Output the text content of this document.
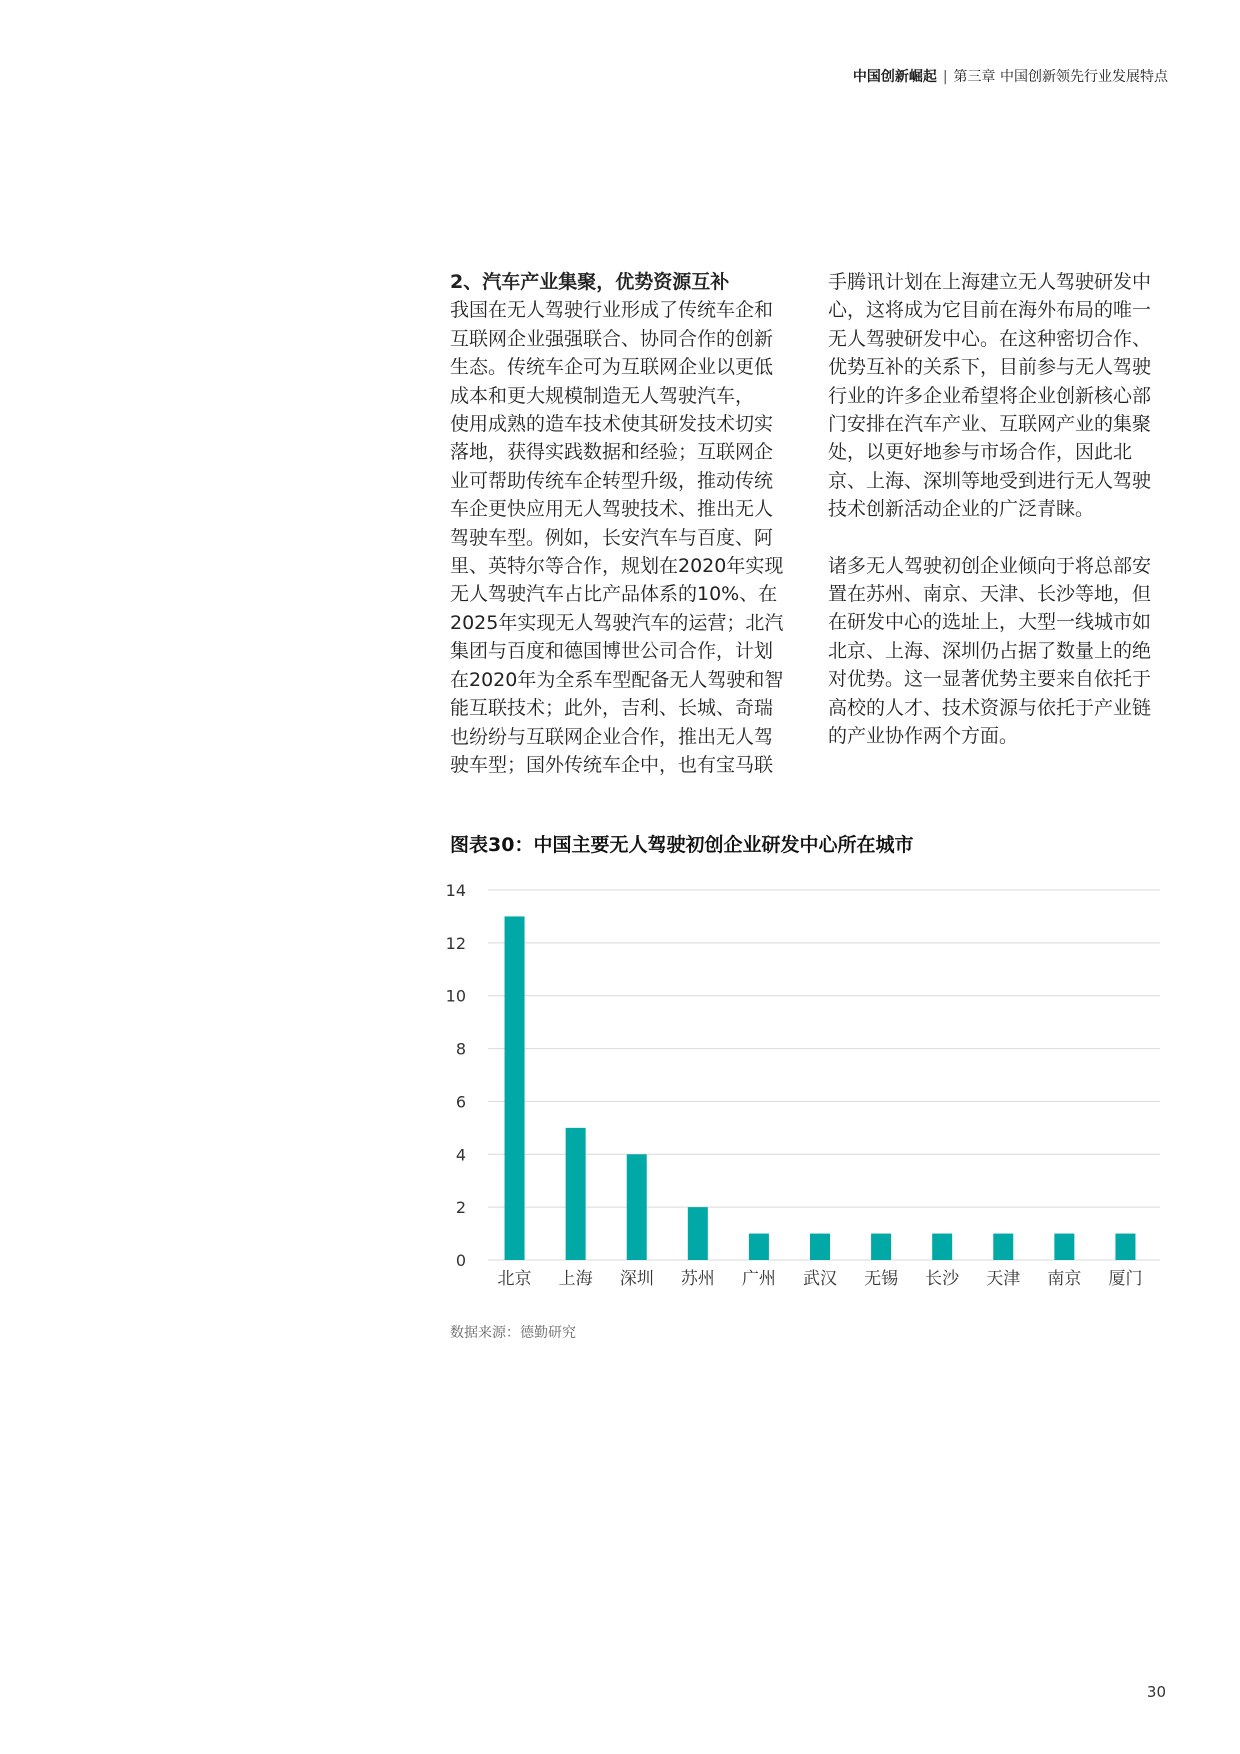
中国创新崛起 | 第三章 中国创新领先行业发展特点

2、汽车产业集聚，优势资源互补

我国在无人驾驶行业形成了传统车企和

互联网企业强强联合、协同合作的创新

生态。传统车企可为互联网企业以更低

成本和更大规模制造无人驾驶汽车，

使用成熟的造车技术使其研发技术切实

落地，获得实践数据和经验；互联网企

业可帮助传统车企转型升级，推动传统

车企更快应用无人驾驶技术、推出无人

驾驶车型。例如，长安汽车与百度、阿

里、英特尔等合作，规划在2020年实现

无人驾驶汽车占比产品体系的10%、在

2025年实现无人驾驶汽车的运营；北汽

集团与百度和德国博世公司合作，计划

在2020年为全系车型配备无人驾驶和智

能互联技术；此外，吉利、长城、奇瑞

也纷纷与互联网企业合作，推出无人驾

驶车型；国外传统车企中，也有宝马联

手腾讯计划在上海建立无人驾驶研发中

心，这将成为它目前在海外布局的唯一

无人驾驶研发中心。在这种密切合作、

优势互补的关系下，目前参与无人驾驶

行业的许多企业希望将企业创新核心部

门安排在汽车产业、互联网产业的集聚

处，以更好地参与市场合作，因此北

京、上海、深圳等地受到进行无人驾驶

技术创新活动企业的广泛青睐。

诸多无人驾驶初创企业倾向于将总部安

置在苏州、南京、天津、长沙等地，但

在研发中心的选址上，大型一线城市如

北京、上海、深圳仍占据了数量上的绝

对优势。这一显著优势主要来自依托于

高校的人才、技术资源与依托于产业链

的产业协作两个方面。

图表30：中国主要无人驾驶初创企业研发中心所在城市
0
2
4
6
8
10
12
14
北京 上海 深圳 苏州 广州 武汉 无锡 长沙 天津 南京 厦门
数据来源：德勤研究
30
